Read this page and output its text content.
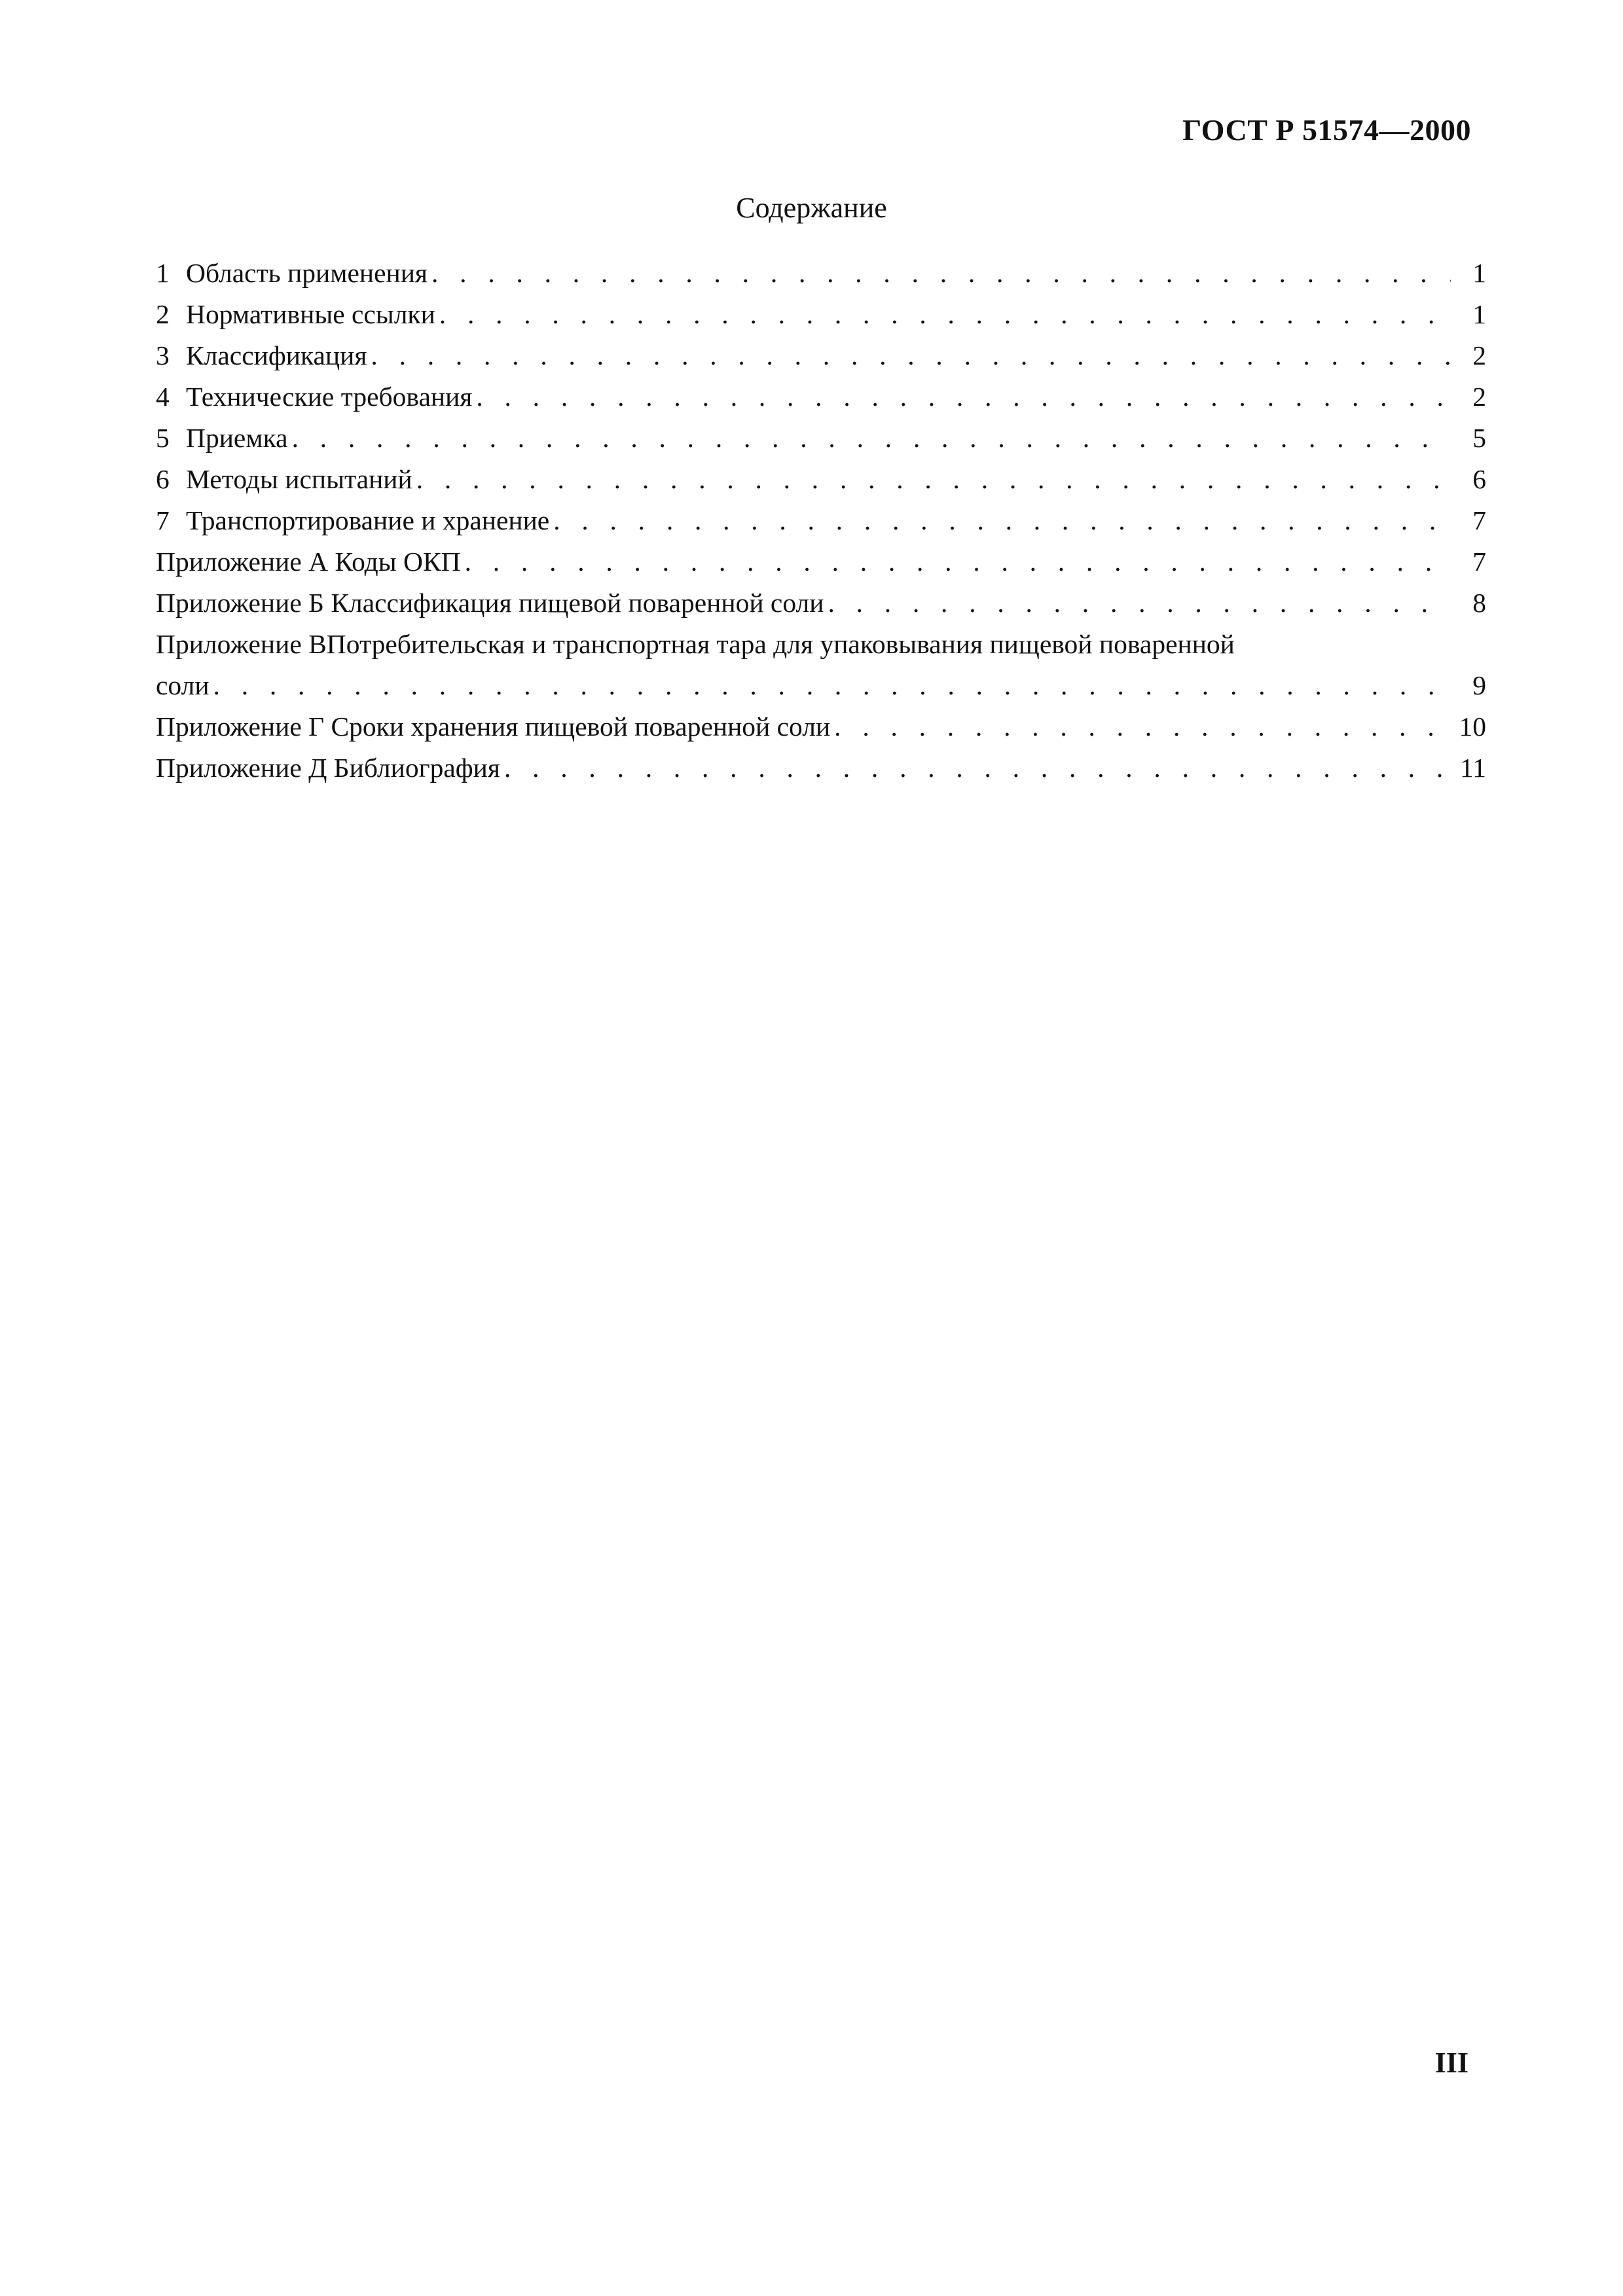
ГОСТ Р 51574—2000
Содержание
1 Область применения . . .	1
2 Нормативные ссылки . . .	1
3 Классификация . . .	2
4 Технические требования . . .	2
5 Приемка . . .	5
6 Методы испытаний . . .	6
7 Транспортирование и хранение . . .	7
Приложение А Коды ОКП . . .	7
Приложение Б Классификация пищевой поваренной соли . . .	8
Приложение ВПотребительская и транспортная тара для упаковывания пищевой поваренной
соли . . .	9
Приложение Г Сроки хранения пищевой поваренной соли . . .	10
Приложение Д Библиография . . .	11
III
